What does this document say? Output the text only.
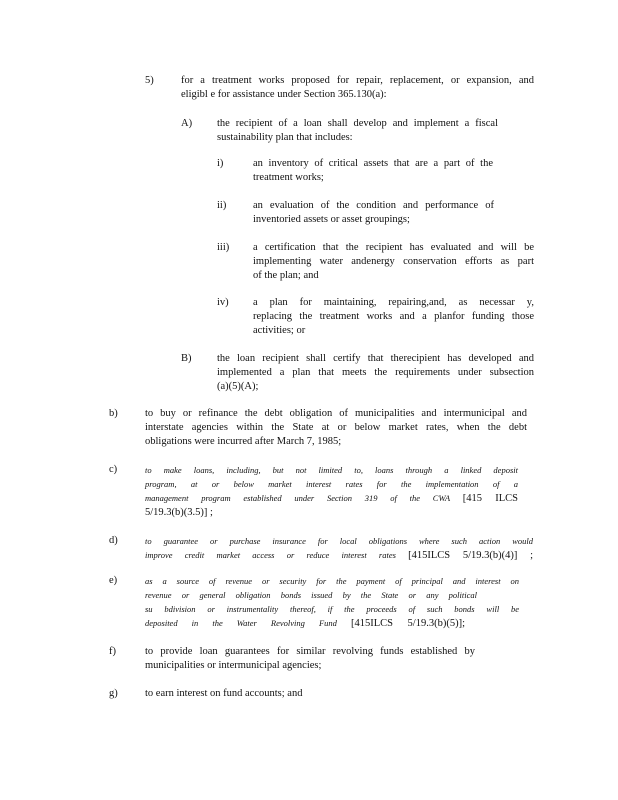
5)	for a treatment works proposed for repair, replacement, or expansion, and
eligibl e for assistance under Section 365.130(a):
A) the recipient of a loan shall develop and implement a fiscal
sustainability plan that includes:
i)	an inventory of critical assets that are a part of the
treatment works;
ii)	an evaluation of the condition and performance of
inventoried assets or asset groupings;
iii) a certification that the recipient has evaluated and will be
implementing water andenergy conservation efforts as part
of the plan; and
iv) a plan for maintaining, repairing,and, as necessar y,
replacing the treatment works and a planfor funding those
activities; or
B) the loan recipient shall certify that therecipient has developed and
implemented a plan that meets the requirements under subsection
(a)(5)(A);
b)	to buy or refinance the debt obligation of municipalities and intermunicipal and
interstate agencies within the State at or below market rates, when the debt
obligations were incurred after March 7, 1985;
c)	to make loans, including, but not limited to, loans through a linked deposit
program, at or below market interest rates for the implementation of a
management program established under Section 319 of the CWA [415 ILCS
5/19.3(b)(3.5)] ;
d)	to guarantee or purchase insurance for local obligations where such action would
improve credit market access or reduce interest rates [415ILCS 5/19.3(b)(4)] ;
e)	as a source of revenue or security for the payment of principal and interest on
revenue or general obligation bonds issued by the State or any political
su bdivision or instrumentality thereof, if the proceeds of such bonds will be
deposited in the Water Revolving Fund [415ILCS 5/19.3(b)(5)];
f)	to provide loan guarantees for similar revolving funds established by
municipalities or intermunicipal agencies;
g)	to earn interest on fund accounts; and
